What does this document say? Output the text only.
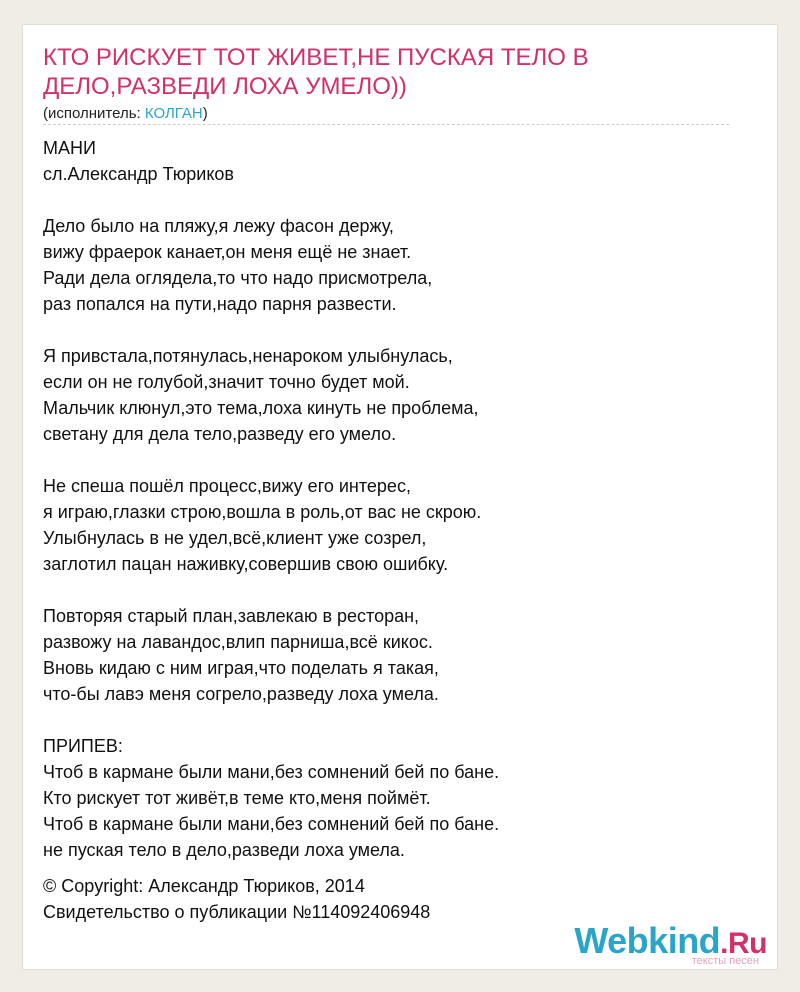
КТО РИСКУЕТ ТОТ ЖИВЕТ,НЕ ПУСКАЯ ТЕЛО В ДЕЛО,РАЗВЕДИ ЛОХА УМЕЛО))
(исполнитель: КОЛГАН)
МАНИ
сл.Александр Тюриков
Дело было на пляжу,я лежу фасон держу,
вижу фраерок канает,он меня ещё не знает.
Ради дела оглядела,то что надо присмотрела,
раз попался на пути,надо парня развести.
Я привстала,потянулась,ненароком улыбнулась,
если он не голубой,значит точно будет мой.
Мальчик клюнул,это тема,лоха кинуть не проблема,
светану для дела тело,разведу его умело.
Не спеша пошёл процесс,вижу его интерес,
я играю,глазки строю,вошла в роль,от вас не скрою.
Улыбнулась в не удел,всё,клиент уже созрел,
заглотил пацан наживку,совершив свою ошибку.
Повторяя старый план,завлекаю в ресторан,
развожу на лавандос,влип парниша,всё кикос.
Вновь кидаю с ним играя,что поделать я такая,
что-бы лавэ меня согрело,разведу лоха умела.
ПРИПЕВ:
Чтоб в кармане были мани,без сомнений бей по бане.
Кто рискует тот живёт,в теме кто,меня поймёт.
Чтоб в кармане были мани,без сомнений бей по бане.
не пуская тело в дело,разведи лоха умела.
© Copyright: Александр Тюриков, 2014
Свидетельство о публикации №114092406948
Webkind.Ru
тексты песен
